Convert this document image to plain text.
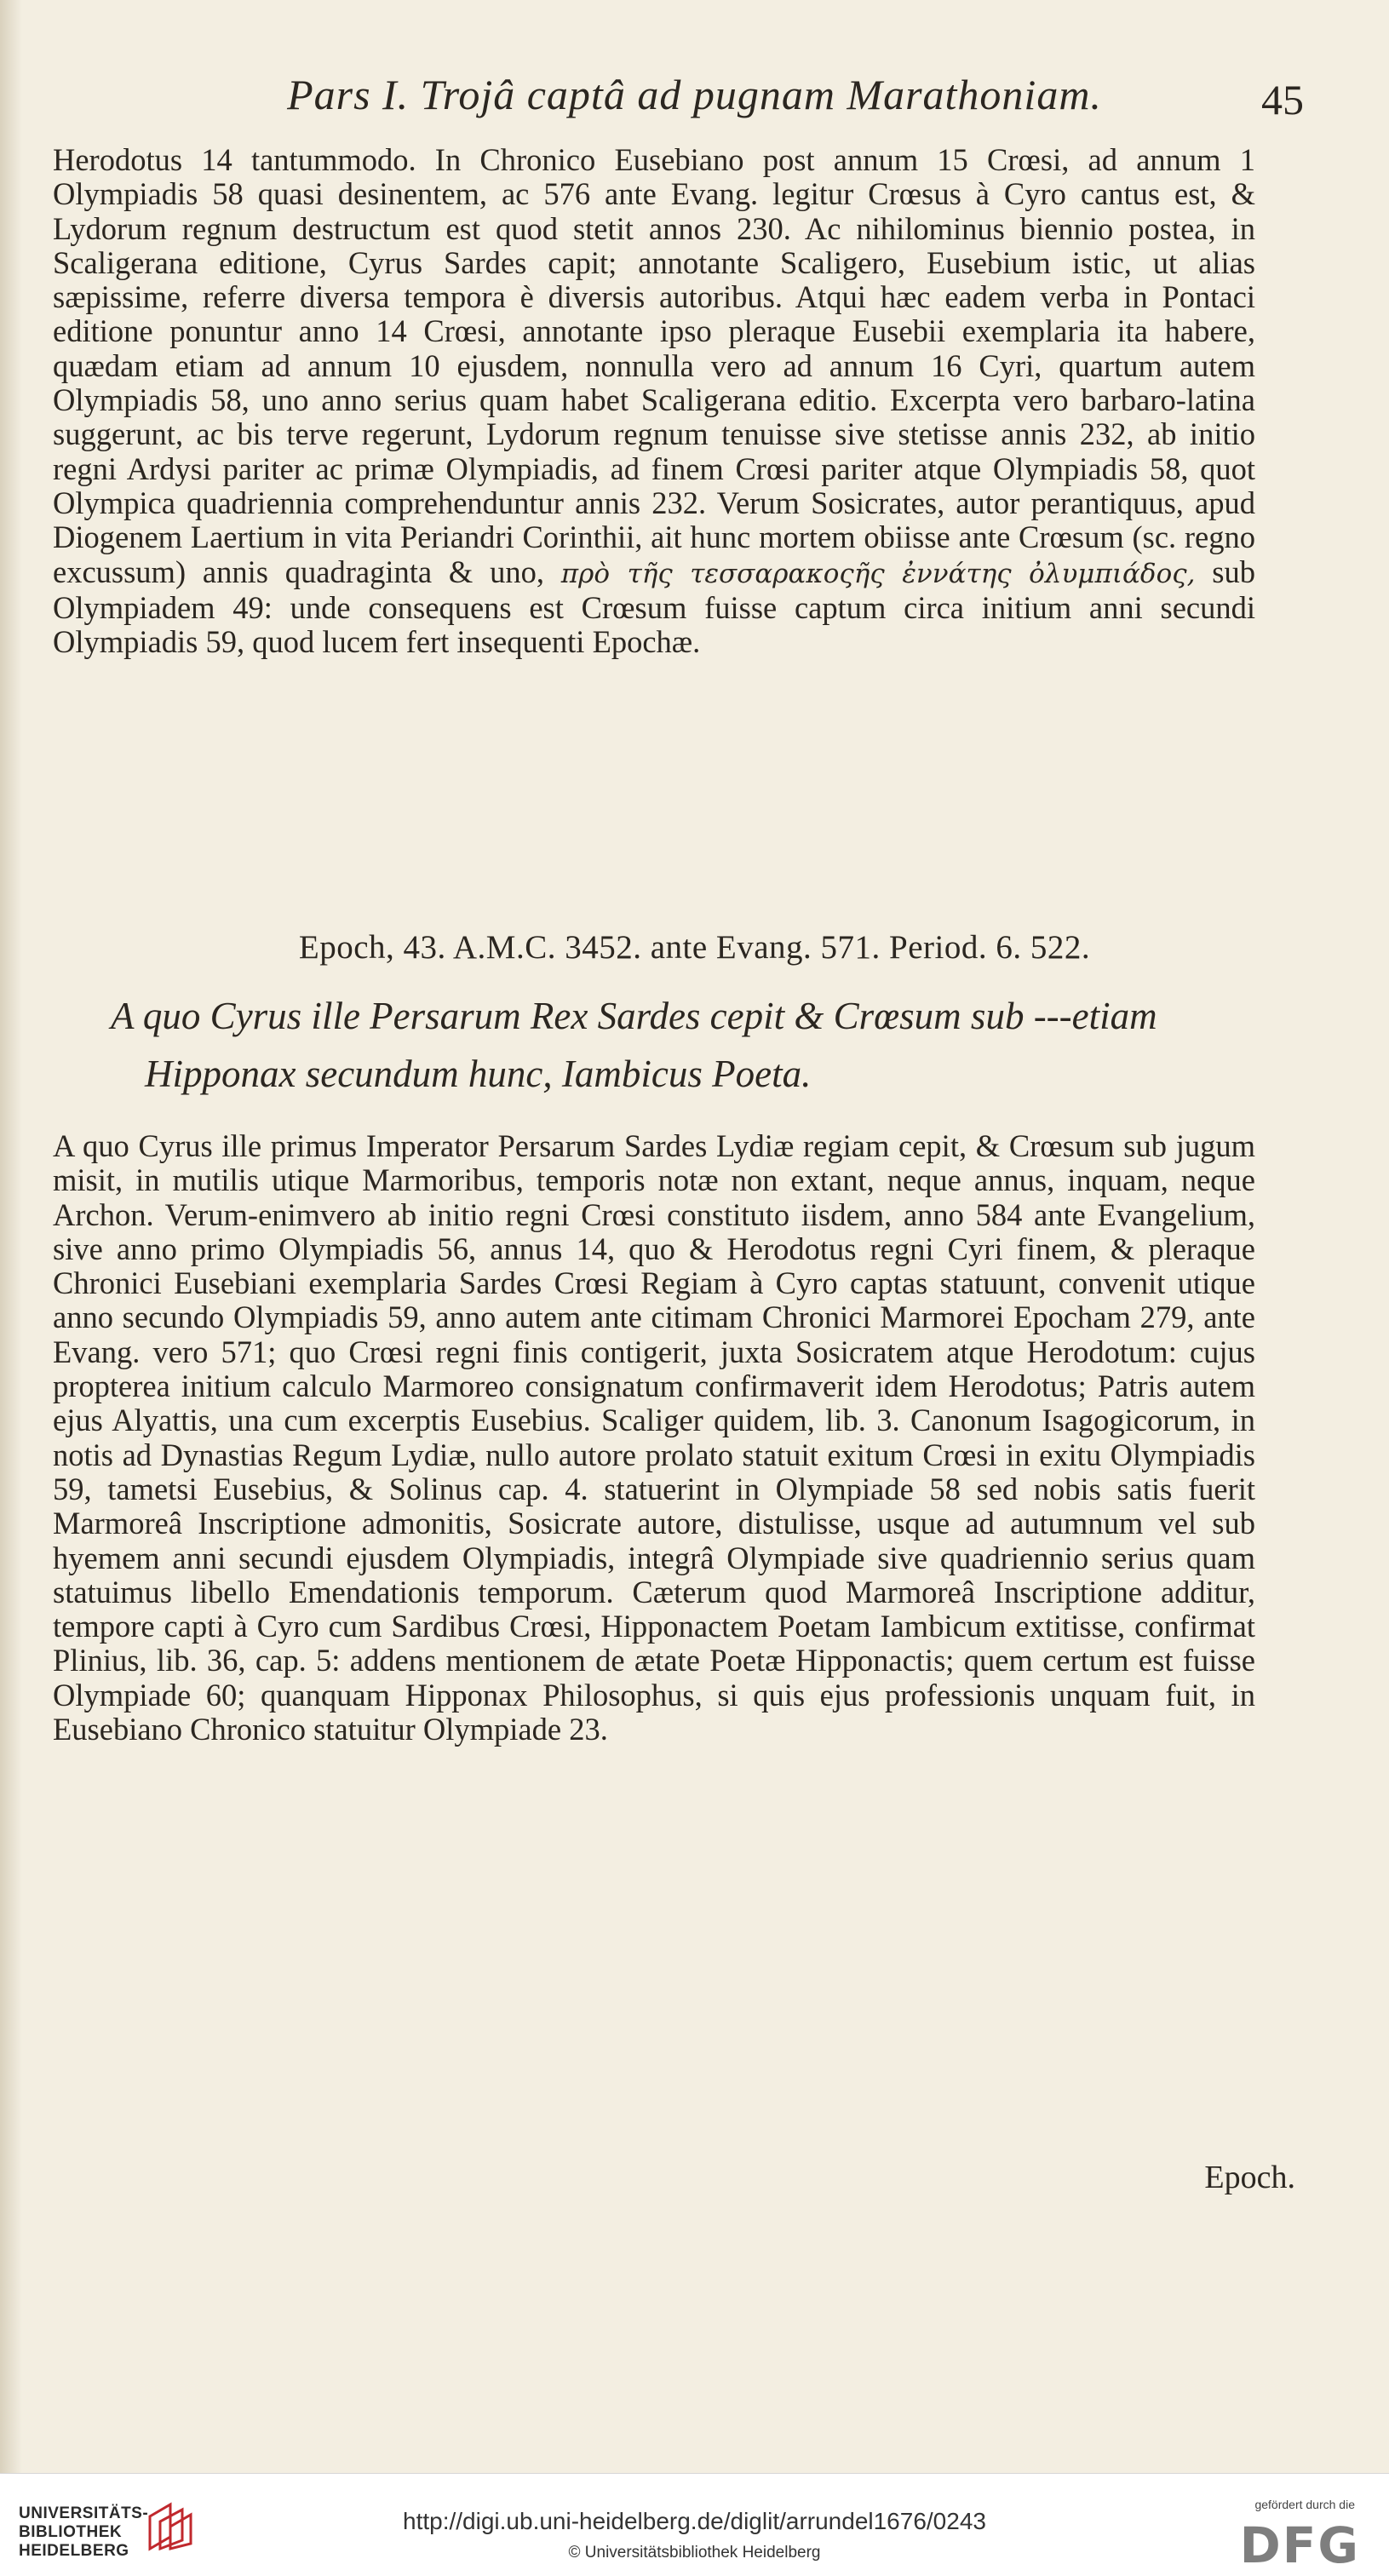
Pars I. Trojâ captâ ad pugnam Marathoniam.	45

Herodotus 14 tantummodo. In Chronico Eusebiano post annum 15 Crœsi, ad annum 1 Olympiadis 58 quasi desinentem, ac 576 ante Evang. legitur Crœsus à Cyro cantus est, & Lydorum regnum destructum est quod stetit annos 230. Ac nihilominus biennio postea, in Scaligerana editione, Cyrus Sardes capit; annotante Scaligero, Eusebium istic, ut alias sæpissime, referre diversa tempora è diversis autoribus. Atqui hæc eadem verba in Pontaci editione ponuntur anno 14 Crœsi, annotante ipso pleraque Eusebii exemplaria ita habere, quædam etiam ad annum 10 ejusdem, nonnulla vero ad annum 16 Cyri, quartum autem Olympiadis 58, uno anno serius quam habet Scaligerana editio. Excerpta vero barbaro-latina suggerunt, ac bis terve regerunt, Lydorum regnum tenuisse sive stetisse annis 232, ab initio regni Ardysi pariter ac primæ Olympiadis, ad finem Crœsi pariter atque Olympiadis 58, quot Olympica quadriennia comprehenduntur annis 232. Verum Sosicrates, autor perantiquus, apud Diogenem Laertium in vita Periandri Corinthii, ait hunc mortem obiisse ante Crœsum (sc. regno excussum) annis quadraginta & uno, πρὸ τῆς τεσσαρακοςῆς ἐννάτης ὀλυμπιάδος, sub Olympiadem 49: unde consequens est Crœsum fuisse captum circa initium anni secundi Olympiadis 59, quod lucem fert insequenti Epochæ.

Epoch, 43. A.M.C. 3452. ante Evang. 571. Period. 6. 522.
A quo Cyrus ille Persarum Rex Sardes cepit & Crœsum sub ---etiam
Hipponax secundum hunc, Iambicus Poeta.

A quo Cyrus ille primus Imperator Persarum Sardes Lydiæ regiam cepit, & Crœsum sub jugum misit, in mutilis utique Marmoribus, temporis notæ non extant, neque annus, inquam, neque Archon. Verum-enimvero ab initio regni Crœsi constituto iisdem, anno 584 ante Evangelium, sive anno primo Olympiadis 56, annus 14, quo & Herodotus regni Cyri finem, & pleraque Chronici Eusebiani exemplaria Sardes Crœsi Regiam à Cyro captas statuunt, convenit utique anno secundo Olympiadis 59, anno autem ante citimam Chronici Marmorei Epocham 279, ante Evang. vero 571; quo Crœsi regni finis contigerit, juxta Sosicratem atque Herodotum: cujus propterea initium calculo Marmoreo consignatum confirmaverit idem Herodotus; Patris autem ejus Alyattis, una cum excerptis Eusebius. Scaliger quidem, lib. 3. Canonum Isagogicorum, in notis ad Dynastias Regum Lydiæ, nullo autore prolato statuit exitum Crœsi in exitu Olympiadis 59, tametsi Eusebius, & Solinus cap. 4. statuerint in Olympiade 58 sed nobis satis fuerit Marmoreâ Inscriptione admonitis, Sosicrate autore, distulisse, usque ad autumnum vel sub hyemem anni secundi ejusdem Olympiadis, integrâ Olympiade sive quadriennio serius quam statuimus libello Emendationis temporum. Cæterum quod Marmoreâ Inscriptione additur, tempore capti à Cyro cum Sardibus Crœsi, Hipponactem Poetam Iambicum extitisse, confirmat Plinius, lib. 36, cap. 5: addens mentionem de ætate Poetæ Hipponactis; quem certum est fuisse Olympiade 60; quanquam Hipponax Philosophus, si quis ejus professionis unquam fuit, in Eusebiano Chronico statuitur Olympiade 23.

Epoch.
UNIVERSITÄTS-
BIBLIOTHEK
HEIDELBERG
http://digi.ub.uni-heidelberg.de/diglit/arrundel1676/0243
© Universitätsbibliothek Heidelberg
gefördert durch die
DFG
